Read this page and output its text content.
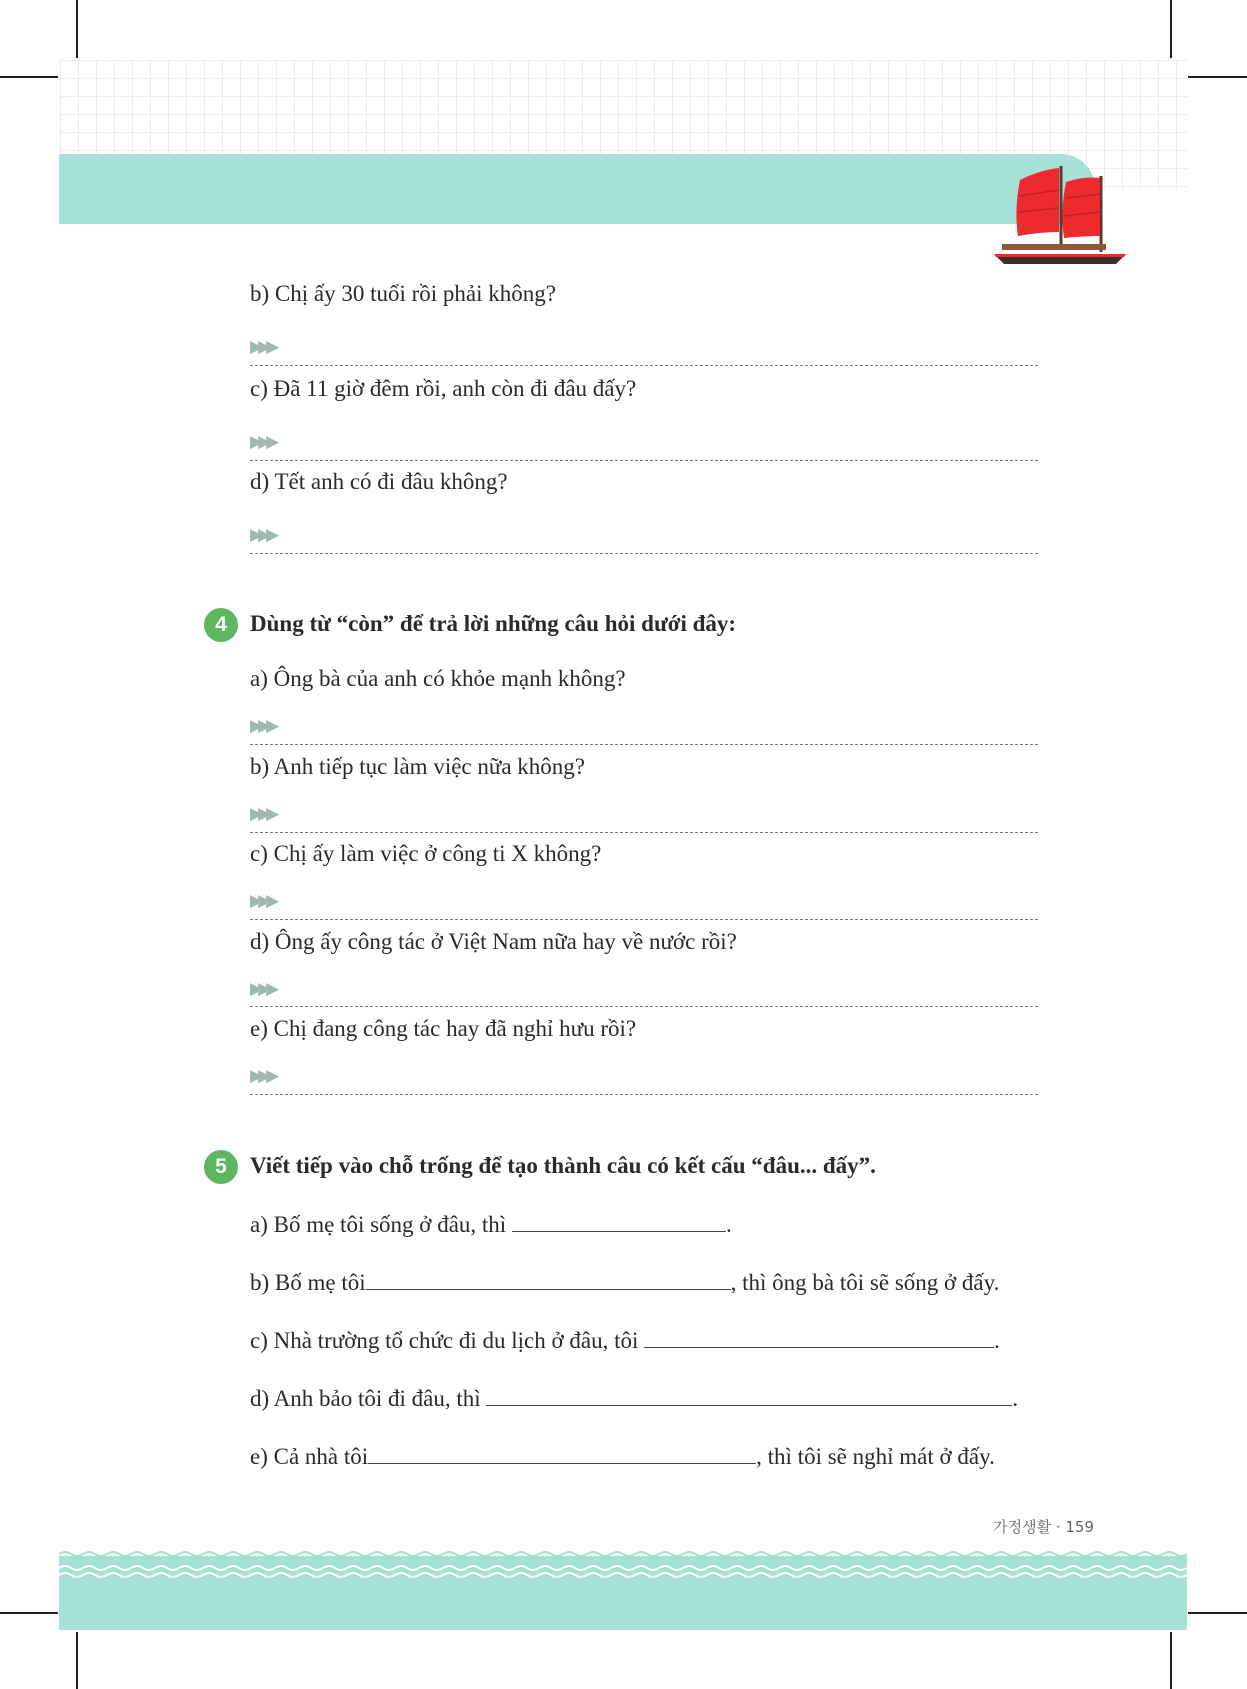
b) Chị ấy 30 tuổi rồi phải không?
▶▶▶
c) Đã 11 giờ đêm rồi, anh còn đi đâu đấy?
▶▶▶
d) Tết anh có đi đâu không?
▶▶▶
4	Dùng từ “còn” để trả lời những câu hỏi dưới đây:
a) Ông bà của anh có khỏe mạnh không?
▶▶▶
b) Anh tiếp tục làm việc nữa không?
▶▶▶
c) Chị ấy làm việc ở công ti X không?
▶▶▶
d) Ông ấy công tác ở Việt Nam nữa hay về nước rồi?
▶▶▶
e) Chị đang công tác hay đã nghỉ hưu rồi?
▶▶▶
5	Viết tiếp vào chỗ trống để tạo thành câu có kết cấu “đâu... đấy”.
a) Bố mẹ tôi sống ở đâu, thì	.
b) Bố mẹ tôi	, thì ông bà tôi sẽ sống ở đấy.
c) Nhà trường tổ chức đi du lịch ở đâu, tôi	.
d) Anh bảo tôi đi đâu, thì	.
e) Cả nhà tôi	, thì tôi sẽ nghỉ mát ở đấy.
가정생활 · 159
